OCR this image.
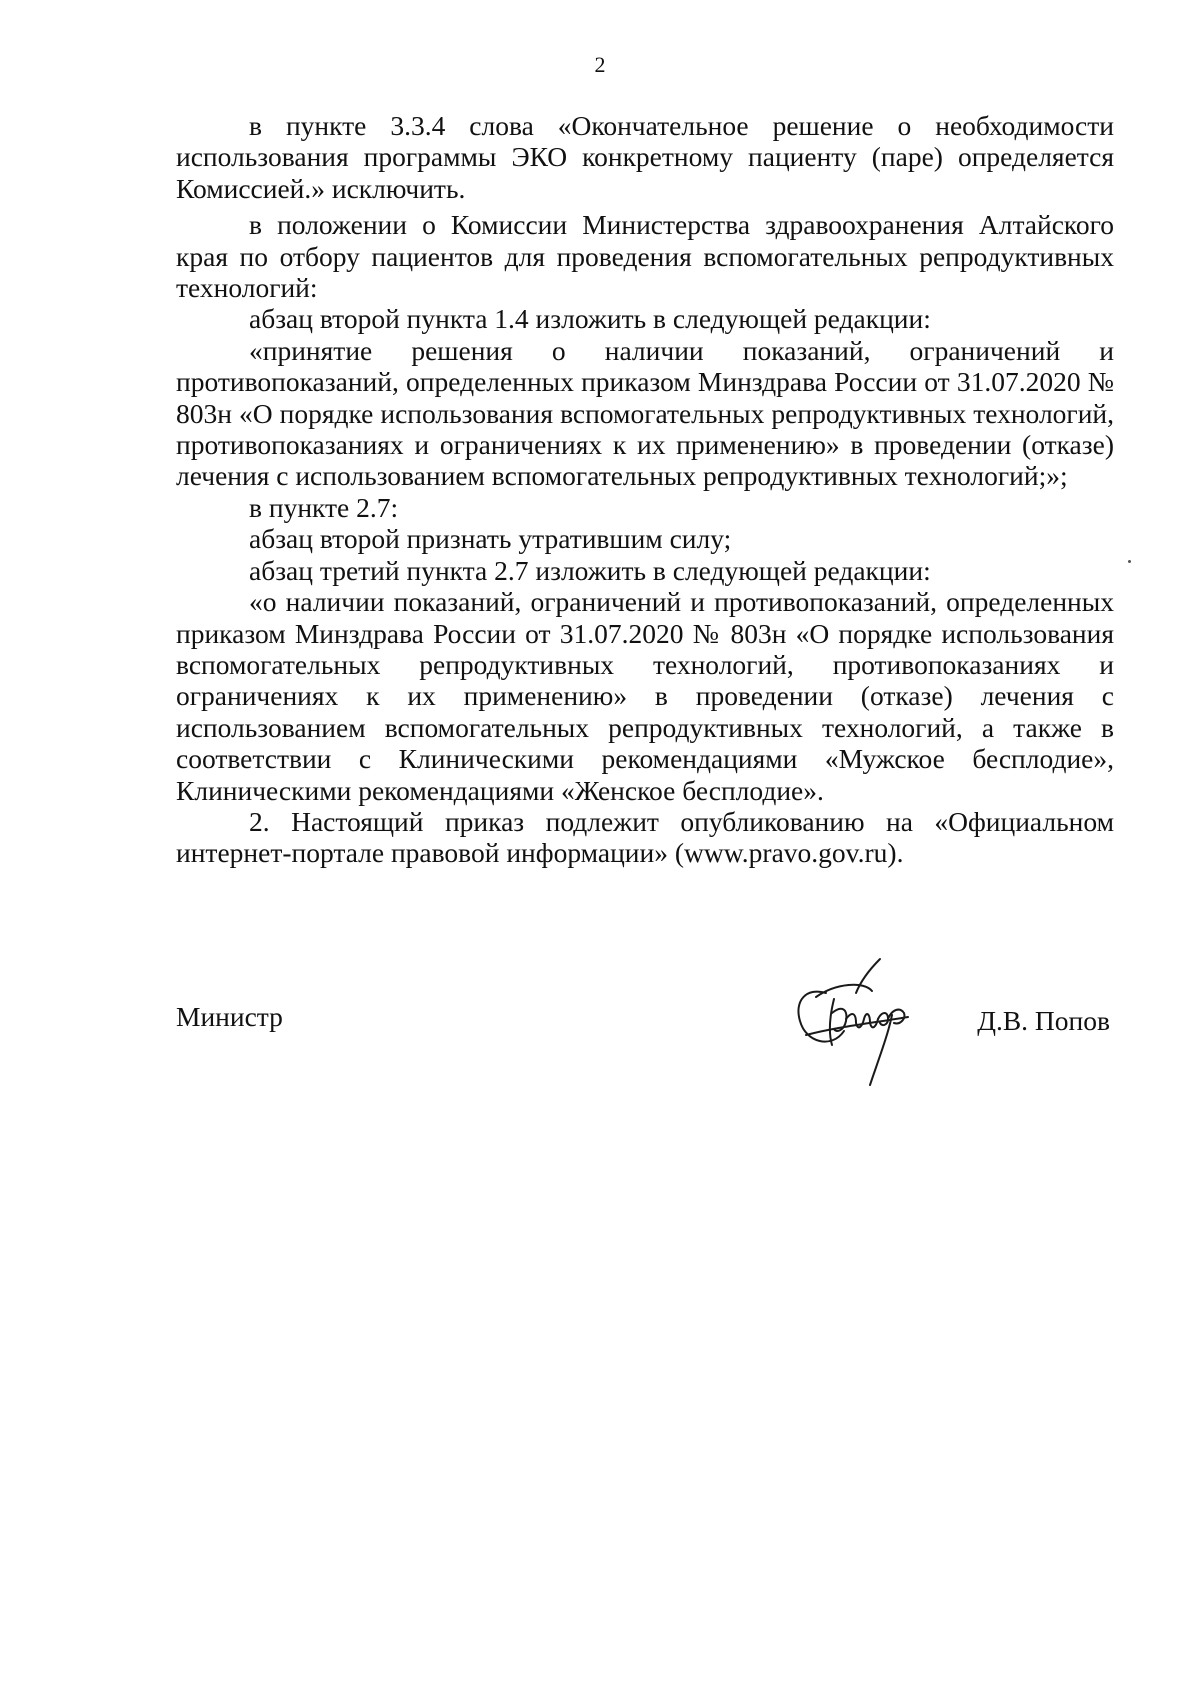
2

в пункте 3.3.4 слова «Окончательное решение о необходимости использования программы ЭКО конкретному пациенту (паре) определяется Комиссией.» исключить.

в положении о Комиссии Министерства здравоохранения Алтайского края по отбору пациентов для проведения вспомогательных репродуктивных технологий:

абзац второй пункта 1.4 изложить в следующей редакции:

«принятие решения о наличии показаний, ограничений и противопоказаний, определенных приказом Минздрава России от 31.07.2020 № 803н «О порядке использования вспомогательных репродуктивных технологий, противопоказаниях и ограничениях к их применению» в проведении (отказе) лечения с использованием вспомогательных репродуктивных технологий;»;

в пункте 2.7:

абзац второй признать утратившим силу;

абзац третий пункта 2.7 изложить в следующей редакции:

«о наличии показаний, ограничений и противопоказаний, определенных приказом Минздрава России от 31.07.2020 № 803н «О порядке использования вспомогательных репродуктивных технологий, противопоказаниях и ограничениях к их применению» в проведении (отказе) лечения с использованием вспомогательных репродуктивных технологий, а также в соответствии с Клиническими рекомендациями «Мужское бесплодие», Клиническими рекомендациями «Женское бесплодие».

2. Настоящий приказ подлежит опубликованию на «Официальном интернет-портале правовой информации» (www.pravo.gov.ru).

Министр	Д.В. Попов
